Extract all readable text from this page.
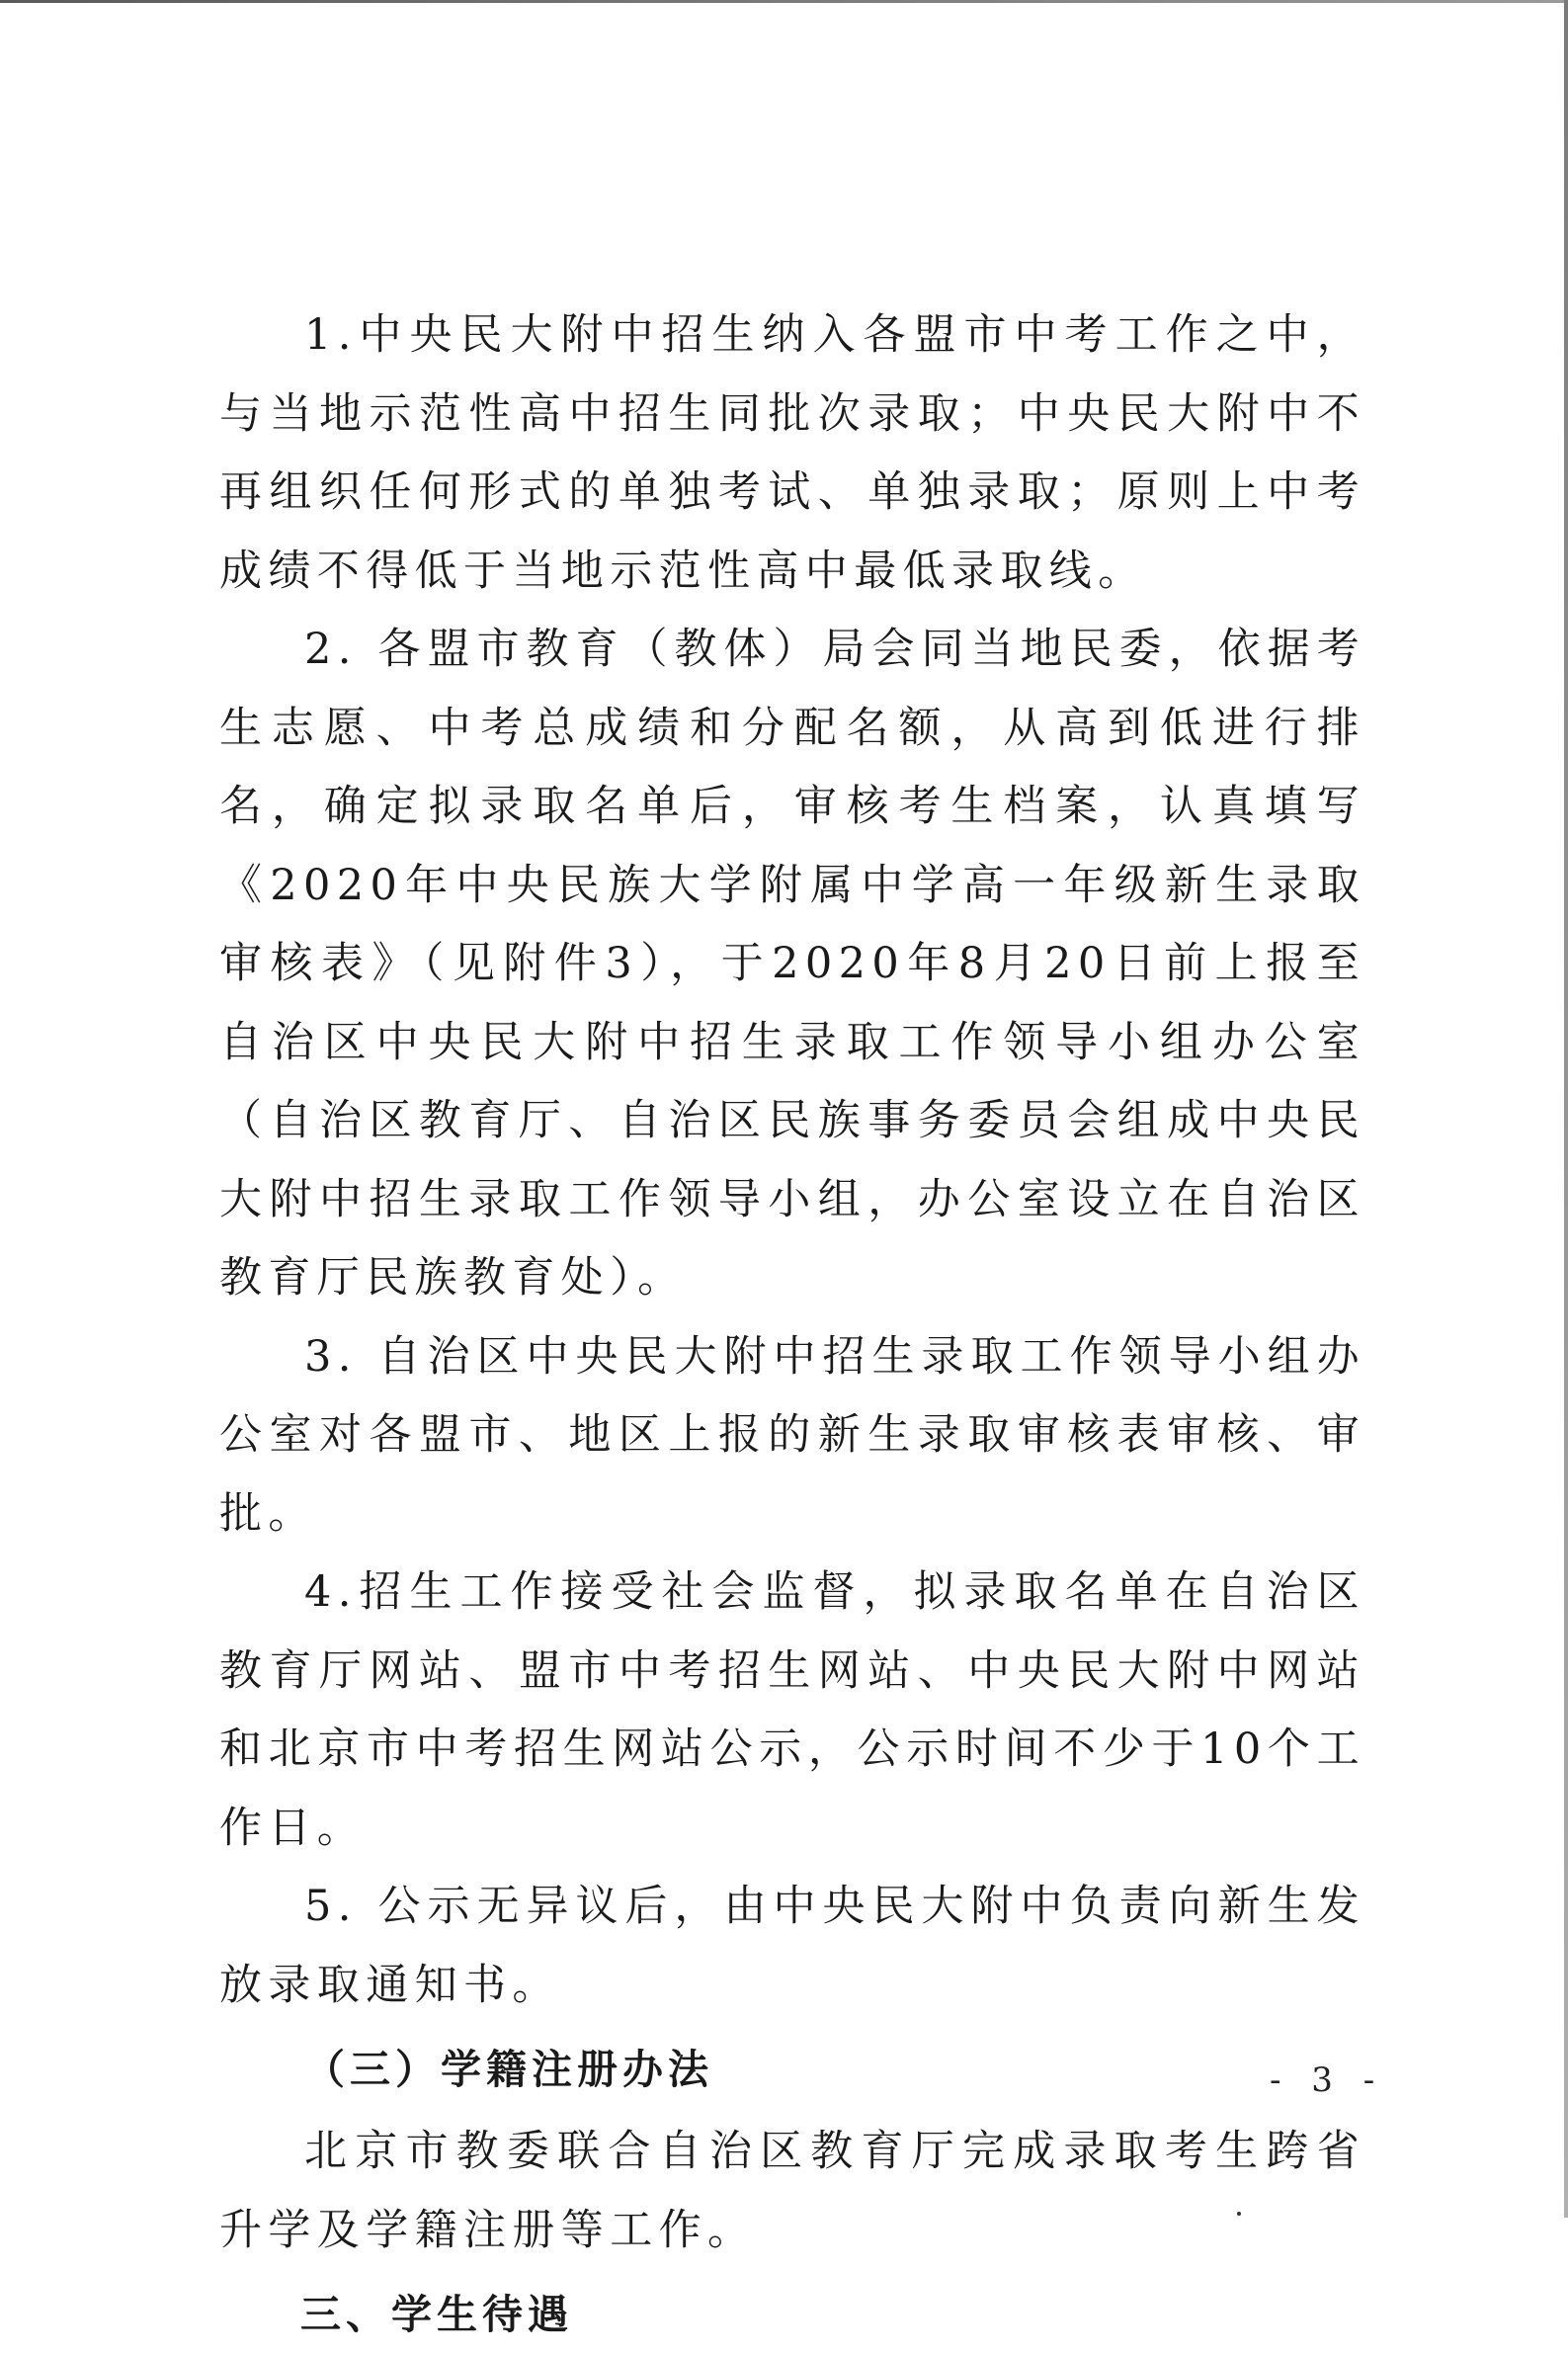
1.中央民大附中招生纳入各盟市中考工作之中，与当地示范性高中招生同批次录取；中央民大附中不再组织任何形式的单独考试、单独录取；原则上中考成绩不得低于当地示范性高中最低录取线。

2. 各盟市教育（教体）局会同当地民委，依据考生志愿、中考总成绩和分配名额，从高到低进行排名，确定拟录取名单后，审核考生档案，认真填写《2020年中央民族大学附属中学高一年级新生录取审核表》（见附件3），于2020年8月20日前上报至自治区中央民大附中招生录取工作领导小组办公室（自治区教育厅、自治区民族事务委员会组成中央民大附中招生录取工作领导小组，办公室设立在自治区教育厅民族教育处）。

3. 自治区中央民大附中招生录取工作领导小组办公室对各盟市、地区上报的新生录取审核表审核、审批。

4.招生工作接受社会监督，拟录取名单在自治区教育厅网站、盟市中考招生网站、中央民大附中网站和北京市中考招生网站公示，公示时间不少于10个工作日。

5. 公示无异议后，由中央民大附中负责向新生发放录取通知书。

（三）学籍注册办法

北京市教委联合自治区教育厅完成录取考生跨省升学及学籍注册等工作。

三、学生待遇

- 3 -
